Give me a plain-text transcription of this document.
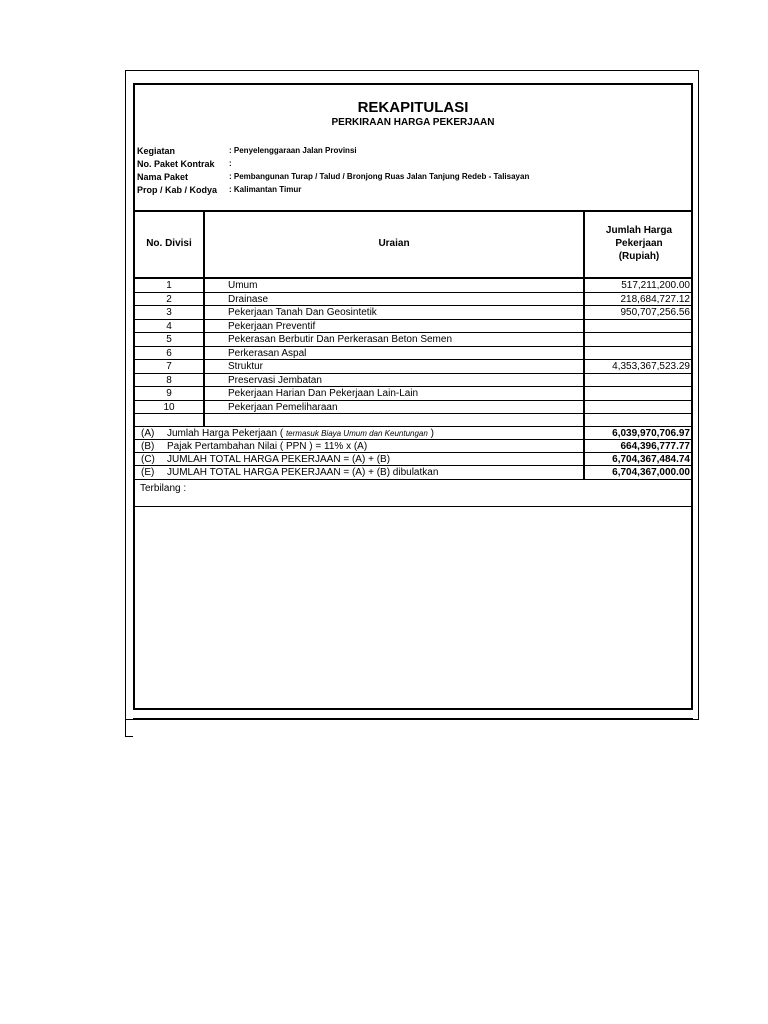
REKAPITULASI
PERKIRAAN HARGA PEKERJAAN
Kegiatan	: Penyelenggaraan Jalan Provinsi
No. Paket Kontrak
:
Nama Paket	: Pembangunan Turap / Talud / Bronjong Ruas Jalan Tanjung Redeb - Talisayan
Prop / Kab / Kodya	: Kalimantan Timur
No. Divisi	Uraian
Jumlah Harga
Pekerjaan
(Rupiah)
1	Umum	517,211,200.00
2	Drainase	218,684,727.12
3	Pekerjaan Tanah Dan Geosintetik	950,707,256.56
4	Pekerjaan Preventif
5	Pekerasan Berbutir Dan Perkerasan Beton Semen
6	Perkerasan Aspal
7	Struktur	4,353,367,523.29
8	Preservasi Jembatan
9	Pekerjaan Harian Dan Pekerjaan Lain-Lain
10	Pekerjaan Pemeliharaan
(A) Jumlah Harga Pekerjaan ( termasuk Biaya Umum dan Keuntungan )	6,039,970,706.97
(B) Pajak Pertambahan Nilai ( PPN ) = 11% x (A)	664,396,777.77
(C) JUMLAH TOTAL HARGA PEKERJAAN = (A) + (B)	6,704,367,484.74
(E) JUMLAH TOTAL HARGA PEKERJAAN = (A) + (B) dibulatkan	6,704,367,000.00
Terbilang :
